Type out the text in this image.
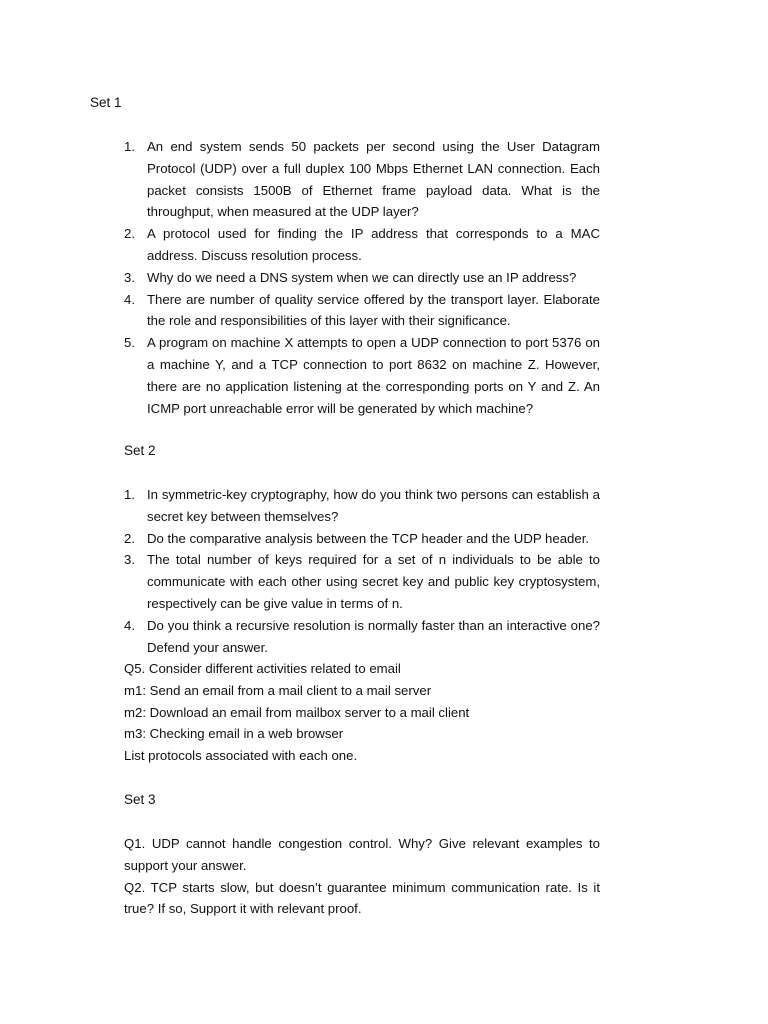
Set 1
1. An end system sends 50 packets per second using the User Datagram Protocol (UDP) over a full duplex 100 Mbps Ethernet LAN connection. Each packet consists 1500B of Ethernet frame payload data. What is the throughput, when measured at the UDP layer?
2. A protocol used for finding the IP address that corresponds to a MAC address. Discuss resolution process.
3. Why do we need a DNS system when we can directly use an IP address?
4. There are number of quality service offered by the transport layer. Elaborate the role and responsibilities of this layer with their significance.
5. A program on machine X attempts to open a UDP connection to port 5376 on a machine Y, and a TCP connection to port 8632 on machine Z. However, there are no application listening at the corresponding ports on Y and Z. An ICMP port unreachable error will be generated by which machine?
Set 2
1. In symmetric-key cryptography, how do you think two persons can establish a secret key between themselves?
2. Do the comparative analysis between the TCP header and the UDP header.
3. The total number of keys required for a set of n individuals to be able to communicate with each other using secret key and public key cryptosystem, respectively can be give value in terms of n.
4. Do you think a recursive resolution is normally faster than an interactive one? Defend your answer.
Q5. Consider different activities related to email
m1: Send an email from a mail client to a mail server
m2: Download an email from mailbox server to a mail client
m3: Checking email in a web browser
List protocols associated with each one.
Set 3
Q1. UDP cannot handle congestion control. Why? Give relevant examples to support your answer.
Q2. TCP starts slow, but doesn’t guarantee minimum communication rate. Is it true? If so, Support it with relevant proof.
